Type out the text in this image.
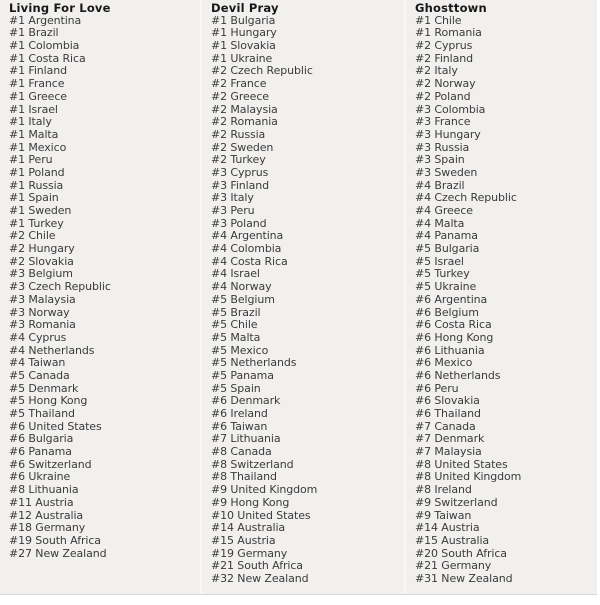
Living For Love
#1 Argentina
#1 Brazil
#1 Colombia
#1 Costa Rica
#1 Finland
#1 France
#1 Greece
#1 Israel
#1 Italy
#1 Malta
#1 Mexico
#1 Peru
#1 Poland
#1 Russia
#1 Spain
#1 Sweden
#1 Turkey
#2 Chile
#2 Hungary
#2 Slovakia
#3 Belgium
#3 Czech Republic
#3 Malaysia
#3 Norway
#3 Romania
#4 Cyprus
#4 Netherlands
#4 Taiwan
#5 Canada
#5 Denmark
#5 Hong Kong
#5 Thailand
#6 United States
#6 Bulgaria
#6 Panama
#6 Switzerland
#6 Ukraine
#8 Lithuania
#11 Austria
#12 Australia
#18 Germany
#19 South Africa
#27 New Zealand
Devil Pray
#1 Bulgaria
#1 Hungary
#1 Slovakia
#1 Ukraine
#2 Czech Republic
#2 France
#2 Greece
#2 Malaysia
#2 Romania
#2 Russia
#2 Sweden
#2 Turkey
#3 Cyprus
#3 Finland
#3 Italy
#3 Peru
#3 Poland
#4 Argentina
#4 Colombia
#4 Costa Rica
#4 Israel
#4 Norway
#5 Belgium
#5 Brazil
#5 Chile
#5 Malta
#5 Mexico
#5 Netherlands
#5 Panama
#5 Spain
#6 Denmark
#6 Ireland
#6 Taiwan
#7 Lithuania
#8 Canada
#8 Switzerland
#8 Thailand
#9 United Kingdom
#9 Hong Kong
#10 United States
#14 Australia
#15 Austria
#19 Germany
#21 South Africa
#32 New Zealand
Ghosttown
#1 Chile
#1 Romania
#2 Cyprus
#2 Finland
#2 Italy
#2 Norway
#2 Poland
#3 Colombia
#3 France
#3 Hungary
#3 Russia
#3 Spain
#3 Sweden
#4 Brazil
#4 Czech Republic
#4 Greece
#4 Malta
#4 Panama
#5 Bulgaria
#5 Israel
#5 Turkey
#5 Ukraine
#6 Argentina
#6 Belgium
#6 Costa Rica
#6 Hong Kong
#6 Lithuania
#6 Mexico
#6 Netherlands
#6 Peru
#6 Slovakia
#6 Thailand
#7 Canada
#7 Denmark
#7 Malaysia
#8 United States
#8 United Kingdom
#8 Ireland
#9 Switzerland
#9 Taiwan
#14 Austria
#15 Australia
#20 South Africa
#21 Germany
#31 New Zealand
